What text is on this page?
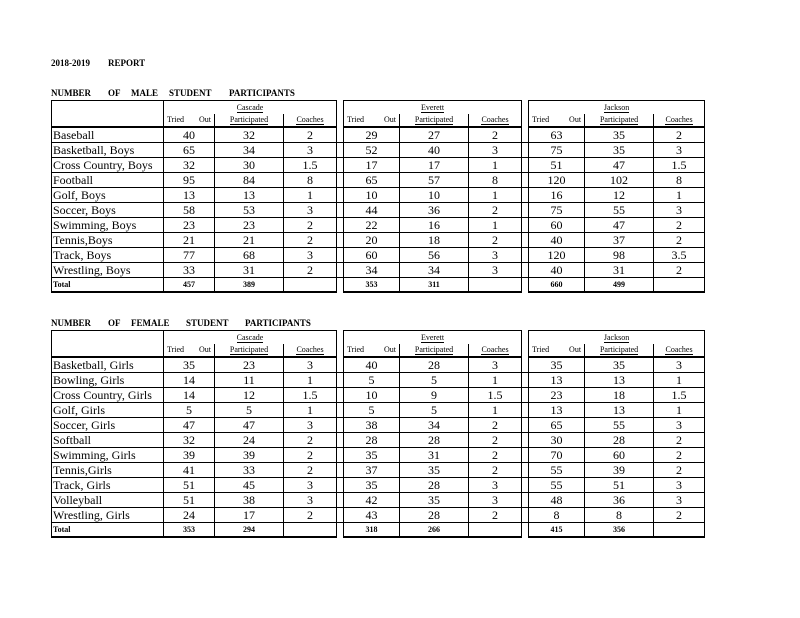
2018-2019 REPORT
NUMBER OF MALE STUDENT PARTICIPANTS
	Cascade				Everett				Jackson		

	Tried Out	Participated	Coaches		Tried Out	Participated	Coaches		Tried Out	Participated	Coaches
Baseball	40	32	2		29	27	2		63	35	2
Basketball, Boys	65	34	3		52	40	3		75	35	3
Cross Country, Boys	32	30	1.5		17	17	1		51	47	1.5
Football	95	84	8		65	57	8		120	102	8
Golf, Boys	13	13	1		10	10	1		16	12	1
Soccer, Boys	58	53	3		44	36	2		75	55	3
Swimming, Boys	23	23	2		22	16	1		60	47	2
Tennis,Boys	21	21	2		20	18	2		40	37	2
Track, Boys	77	68	3		60	56	3		120	98	3.5
Wrestling, Boys	33	31	2		34	34	3		40	31	2
Total	457	389			353	311			660	499	
NUMBER OF FEMALE STUDENT PARTICIPANTS
	Cascade				Everett				Jackson		

	Tried Out	Participated	Coaches		Tried Out	Participated	Coaches		Tried Out	Participated	Coaches
Basketball, Girls	35	23	3		40	28	3		35	35	3
Bowling, Girls	14	11	1		5	5	1		13	13	1
Cross Country, Girls	14	12	1.5		10	9	1.5		23	18	1.5
Golf, Girls	5	5	1		5	5	1		13	13	1
Soccer, Girls	47	47	3		38	34	2		65	55	3
Softball	32	24	2		28	28	2		30	28	2
Swimming, Girls	39	39	2		35	31	2		70	60	2
Tennis,Girls	41	33	2		37	35	2		55	39	2
Track, Girls	51	45	3		35	28	3		55	51	3
Volleyball	51	38	3		42	35	3		48	36	3
Wrestling, Girls	24	17	2		43	28	2		8	8	2
Total	353	294			318	266			415	356	
